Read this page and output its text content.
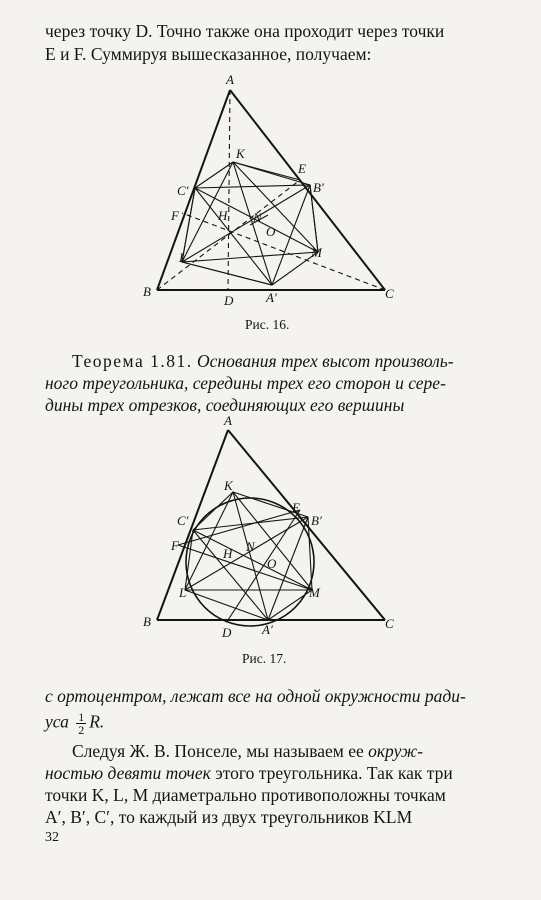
через точку D. Точно также она проходит через точки
E и F. Суммируя вышесказанное, получаем:
A
B	C
K
E
B′
C′
F	H N
O
L	M
D	A′
Рис. 16.
Теорема 1.81. Основания трех высот произволь-
ного треугольника, середины трех его сторон и сере-
дины трех отрезков, соединяющих его вершины
A
B	C
K
E
B′
C′
F
H N
O
L	M
D A′
Рис. 17.
с ортоцентром, лежат все на одной окружности ради-
уса $\frac{1}{2} R$.
Следуя Ж. В. Понселе, мы называем ее окруж-
ностью девяти точек этого треугольника. Так как три
точки K, L, M диаметрально противоположны точкам
A′, B′, C′, то каждый из двух треугольников KLM
32
